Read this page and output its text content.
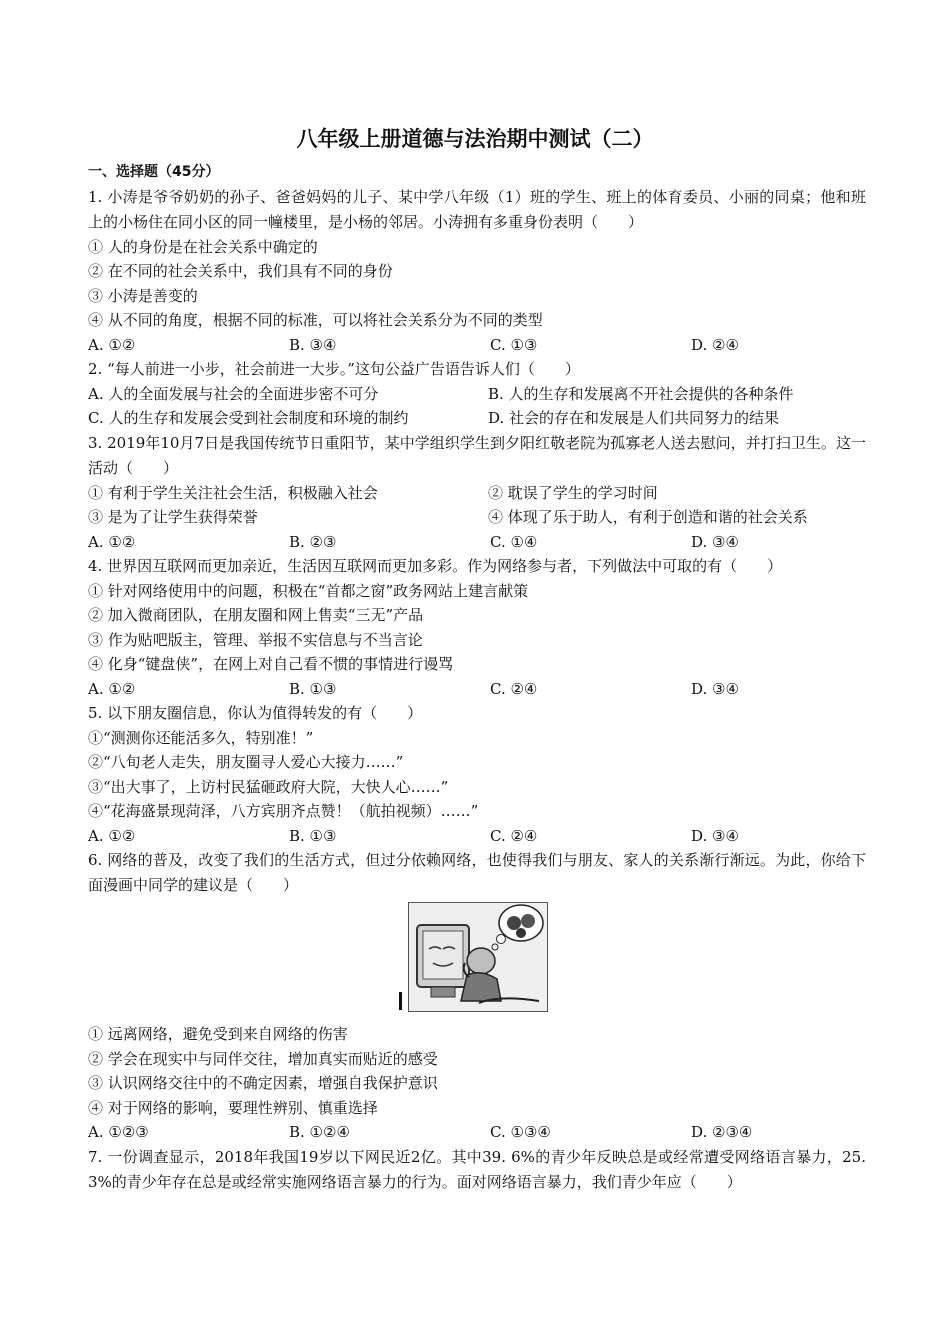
八年级上册道德与法治期中测试（二）
一、选择题（45分）
1. 小涛是爷爷奶奶的孙子、爸爸妈妈的儿子、某中学八年级（1）班的学生、班上的体育委员、小丽的同桌；他和班上的小杨住在同小区的同一幢楼里，是小杨的邻居。小涛拥有多重身份表明（　　）
① 人的身份是在社会关系中确定的
② 在不同的社会关系中，我们具有不同的身份
③ 小涛是善变的
④ 从不同的角度，根据不同的标准，可以将社会关系分为不同的类型
A. ①②	B. ③④	C. ①③	D. ②④
2. “每人前进一小步，社会前进一大步。”这句公益广告语告诉人们（　　）
A. 人的全面发展与社会的全面进步密不可分	B. 人的生存和发展离不开社会提供的各种条件
C. 人的生存和发展会受到社会制度和环境的制约	D. 社会的存在和发展是人们共同努力的结果
3. 2019年10月7日是我国传统节日重阳节，某中学组织学生到夕阳红敬老院为孤寡老人送去慰问，并打扫卫生。这一活动（　　）
① 有利于学生关注社会生活，积极融入社会	② 耽误了学生的学习时间
③ 是为了让学生获得荣誉	④ 体现了乐于助人，有利于创造和谐的社会关系
A. ①②	B. ②③	C. ①④	D. ③④
4. 世界因互联网而更加亲近，生活因互联网而更加多彩。作为网络参与者，下列做法中可取的有（　　）
① 针对网络使用中的问题，积极在“首都之窗”政务网站上建言献策
② 加入微商团队，在朋友圈和网上售卖“三无”产品
③ 作为贴吧版主，管理、举报不实信息与不当言论
④ 化身“键盘侠”，在网上对自己看不惯的事情进行谩骂
A. ①②	B. ①③	C. ②④	D. ③④
5. 以下朋友圈信息，你认为值得转发的有（　　）
①“测测你还能活多久，特别准！”
②“八旬老人走失，朋友圈寻人爱心大接力……”
③“出大事了，上访村民猛砸政府大院，大快人心……”
④“花海盛景现菏泽，八方宾朋齐点赞！（航拍视频）……”
A. ①②	B. ①③	C. ②④	D. ③④
6. 网络的普及，改变了我们的生活方式，但过分依赖网络，也使得我们与朋友、家人的关系渐行渐远。为此，你给下面漫画中同学的建议是（　　）
① 远离网络，避免受到来自网络的伤害
② 学会在现实中与同伴交往，增加真实而贴近的感受
③ 认识网络交往中的不确定因素，增强自我保护意识
④ 对于网络的影响，要理性辨别、慎重选择
A. ①②③	B. ①②④	C. ①③④	D. ②③④
7. 一份调查显示，2018年我国19岁以下网民近2亿。其中39. 6%的青少年反映总是或经常遭受网络语言暴力，25. 3%的青少年存在总是或经常实施网络语言暴力的行为。面对网络语言暴力，我们青少年应（　　）
